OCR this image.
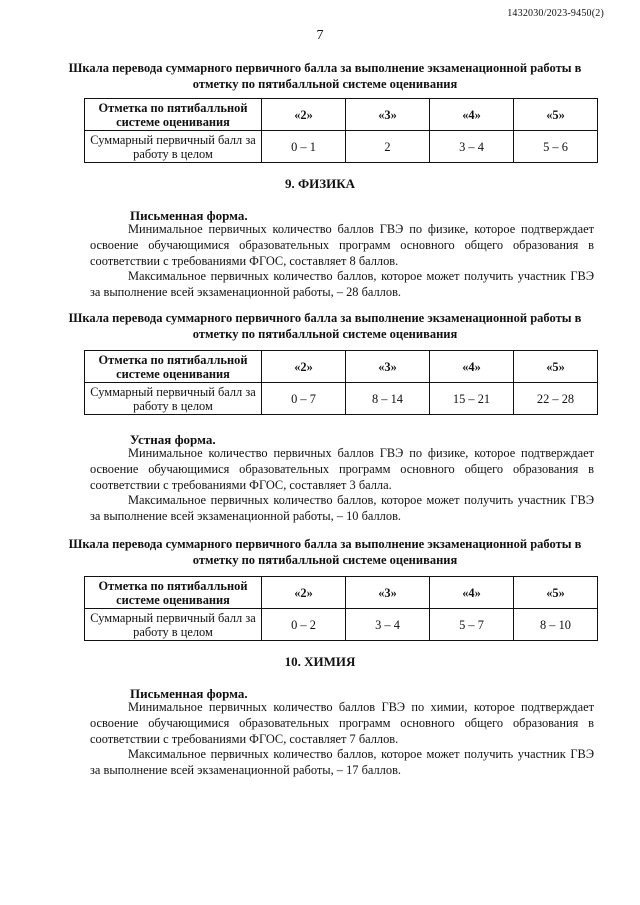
1432030/2023-9450(2)
7
Шкала перевода суммарного первичного балла за выполнение экзаменационной работы в отметку по пятибалльной системе оценивания
Отметка по пятибалльной системе оценивания	«2»	«3»	«4»	«5»
Суммарный первичный балл за работу в целом	0 – 1	2	3 – 4	5 – 6
9. ФИЗИКА
Письменная форма.

Минимальное первичных количество баллов ГВЭ по физике, которое подтверждает освоение обучающимися образовательных программ основного общего образования в соответствии с требованиями ФГОС, составляет 8 баллов.

Максимальное первичных количество баллов, которое может получить участник ГВЭ за выполнение всей экзаменационной работы, – 28 баллов.

Шкала перевода суммарного первичного балла за выполнение экзаменационной работы в отметку по пятибалльной системе оценивания
Отметка по пятибалльной системе оценивания	«2»	«3»	«4»	«5»
Суммарный первичный балл за работу в целом	0 – 7	8 – 14	15 – 21	22 – 28
Устная форма.

Минимальное количество первичных баллов ГВЭ по физике, которое подтверждает освоение обучающимися образовательных программ основного общего образования в соответствии с требованиями ФГОС, составляет 3 балла.

Максимальное первичных количество баллов, которое может получить участник ГВЭ за выполнение всей экзаменационной работы, – 10 баллов.

Шкала перевода суммарного первичного балла за выполнение экзаменационной работы в отметку по пятибалльной системе оценивания
Отметка по пятибалльной системе оценивания	«2»	«3»	«4»	«5»
Суммарный первичный балл за работу в целом	0 – 2	3 – 4	5 – 7	8 – 10
10. ХИМИЯ
Письменная форма.

Минимальное первичных количество баллов ГВЭ по химии, которое подтверждает освоение обучающимися образовательных программ основного общего образования в соответствии с требованиями ФГОС, составляет 7 баллов.

Максимальное первичных количество баллов, которое может получить участник ГВЭ за выполнение всей экзаменационной работы, – 17 баллов.
